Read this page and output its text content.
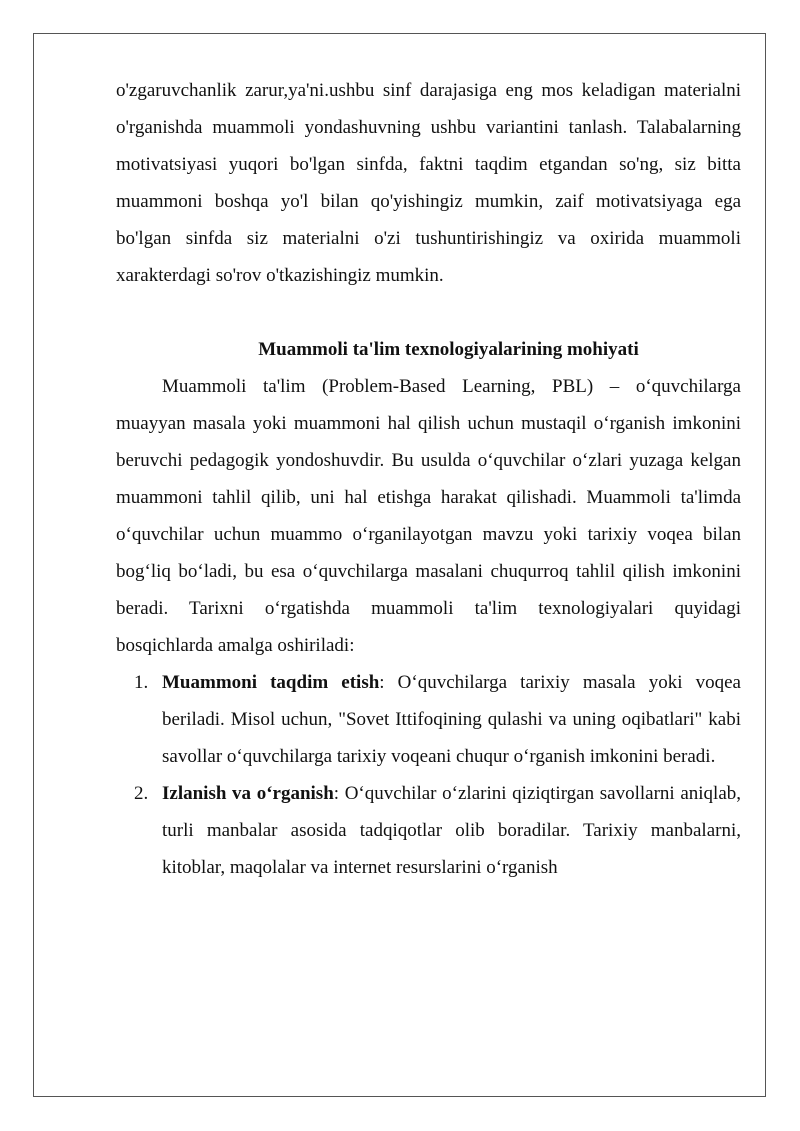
o'zgaruvchanlik zarur,ya'ni.ushbu sinf darajasiga eng mos keladigan materialni o'rganishda muammoli yondashuvning ushbu variantini tanlash. Talabalarning motivatsiyasi yuqori bo'lgan sinfda, faktni taqdim etgandan so'ng, siz bitta muammoni boshqa yo'l bilan qo'yishingiz mumkin, zaif motivatsiyaga ega bo'lgan sinfda siz materialni o'zi tushuntirishingiz va oxirida muammoli xarakterdagi so'rov o'tkazishingiz mumkin.

Muammoli ta'lim texnologiyalarining mohiyati

Muammoli ta'lim (Problem-Based Learning, PBL) – o‘quvchilarga muayyan masala yoki muammoni hal qilish uchun mustaqil o‘rganish imkonini beruvchi pedagogik yondoshuvdir. Bu usulda o‘quvchilar o‘zlari yuzaga kelgan muammoni tahlil qilib, uni hal etishga harakat qilishadi. Muammoli ta'limda o‘quvchilar uchun muammo o‘rganilayotgan mavzu yoki tarixiy voqea bilan bog‘liq bo‘ladi, bu esa o‘quvchilarga masalani chuqurroq tahlil qilish imkonini beradi. Tarixni o‘rgatishda muammoli ta'lim texnologiyalari quyidagi bosqichlarda amalga oshiriladi:

1. Muammoni taqdim etish: O‘quvchilarga tarixiy masala yoki voqea beriladi. Misol uchun, "Sovet Ittifoqining qulashi va uning oqibatlari" kabi savollar o‘quvchilarga tarixiy voqeani chuqur o‘rganish imkonini beradi.
2. Izlanish va o‘rganish: O‘quvchilar o‘zlarini qiziqtirgan savollarni aniqlab, turli manbalar asosida tadqiqotlar olib boradilar. Tarixiy manbalarni, kitoblar, maqolalar va internet resurslarini o‘rganish
